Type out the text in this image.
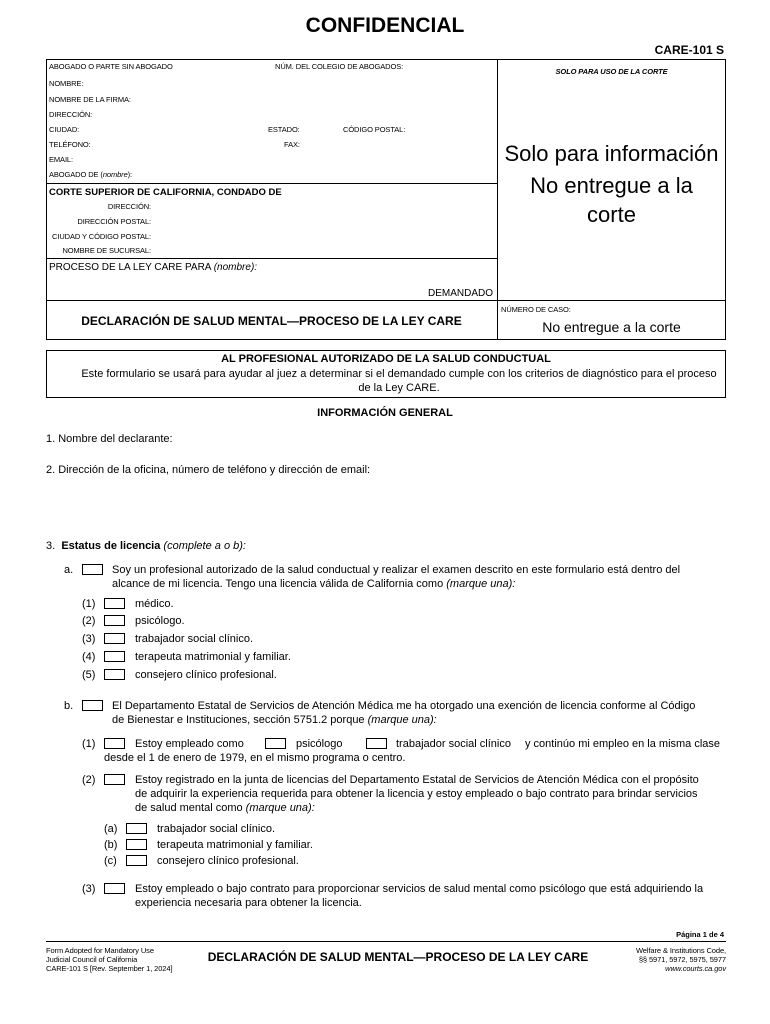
CONFIDENCIAL
CARE-101 S
ABOGADO O PARTE SIN ABOGADO	NÚM. DEL COLEGIO DE ABOGADOS:
NOMBRE:
NOMBRE DE LA FIRMA:
DIRECCIÓN:
CIUDAD:	ESTADO:	CÓDIGO POSTAL:
TELÉFONO:	FAX:
EMAIL:
ABOGADO DE (nombre):
CORTE SUPERIOR DE CALIFORNIA, CONDADO DE
DIRECCIÓN:
DIRECCIÓN POSTAL:
CIUDAD Y CÓDIGO POSTAL:
NOMBRE DE SUCURSAL:
PROCESO DE LA LEY CARE PARA (nombre):
DEMANDADO
DECLARACIÓN DE SALUD MENTAL—PROCESO DE LA LEY CARE
SOLO PARA USO DE LA CORTE
Solo para información
No entregue a la
corte
NÚMERO DE CASO:
No entregue a la corte
AL PROFESIONAL AUTORIZADO DE LA SALUD CONDUCTUAL
Este formulario se usará para ayudar al juez a determinar si el demandado cumple con los criterios de diagnóstico para el proceso de la Ley CARE.
INFORMACIÓN GENERAL
1. Nombre del declarante:
2. Dirección de la oficina, número de teléfono y dirección de email:
3. Estatus de licencia (complete a o b):
a.	Soy un profesional autorizado de la salud conductual y realizar el examen descrito en este formulario está dentro del
alcance de mi licencia. Tengo una licencia válida de California como (marque una):
(1)	médico.
(2)	psicólogo.
(3)	trabajador social clínico.
(4)	terapeuta matrimonial y familiar.
(5)	consejero clínico profesional.
b.	El Departamento Estatal de Servicios de Atención Médica me ha otorgado una exención de licencia conforme al Código
de Bienestar e Instituciones, sección 5751.2 porque (marque una):
(1)	Estoy empleado como	psicólogo	trabajador social clínico y continúo mi empleo en la misma clase
desde el 1 de enero de 1979, en el mismo programa o centro.
(2)	Estoy registrado en la junta de licencias del Departamento Estatal de Servicios de Atención Médica con el propósito
de adquirir la experiencia requerida para obtener la licencia y estoy empleado o bajo contrato para brindar servicios
de salud mental como (marque una):
(a)	trabajador social clínico.
(b)	terapeuta matrimonial y familiar.
(c)	consejero clínico profesional.
(3)	Estoy empleado o bajo contrato para proporcionar servicios de salud mental como psicólogo que está adquiriendo la
experiencia necesaria para obtener la licencia.
Página 1 de 4
Form Adopted for Mandatory Use
Judicial Council of California
CARE-101 S [Rev. September 1, 2024]
DECLARACIÓN DE SALUD MENTAL—PROCESO DE LA LEY CARE	Welfare & Institutions Code,
§§ 5971, 5972, 5975, 5977
www.courts.ca.gov
